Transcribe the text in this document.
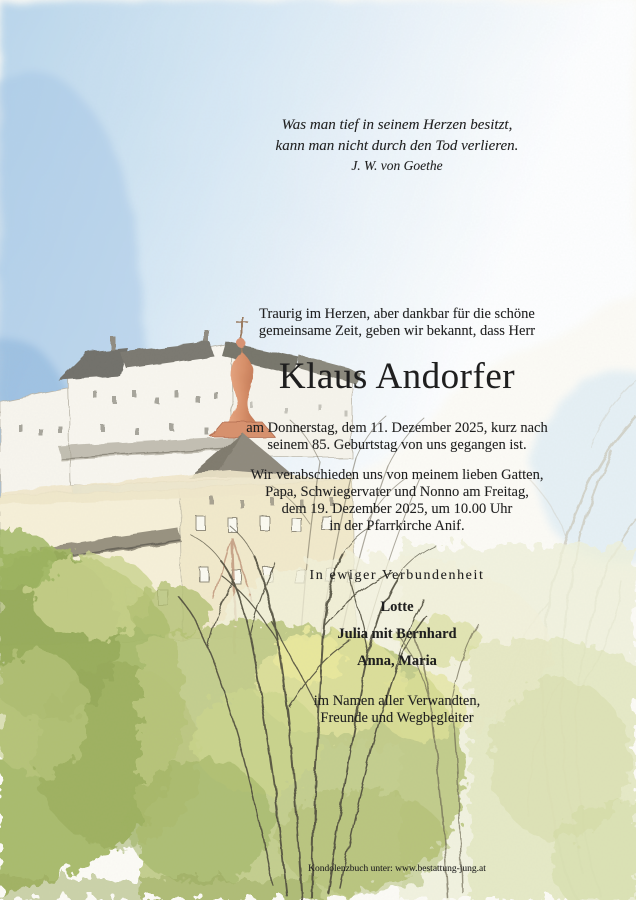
Was man tief in seinem Herzen besitzt,
kann man nicht durch den Tod verlieren.
J. W. von Goethe
Traurig im Herzen, aber dankbar für die schöne
gemeinsame Zeit, geben wir bekannt, dass Herr
Klaus Andorfer
am Donnerstag, dem 11. Dezember 2025, kurz nach
seinem 85. Geburtstag von uns gegangen ist.
Wir verabschieden uns von meinem lieben Gatten,
Papa, Schwiegervater und Nonno am Freitag,
dem 19. Dezember 2025, um 10.00 Uhr
in der Pfarrkirche Anif.
In ewiger Verbundenheit
Lotte
Julia mit Bernhard
Anna, Maria
im Namen aller Verwandten,
Freunde und Wegbegleiter
Kondolenzbuch unter: www.bestattung-jung.at
